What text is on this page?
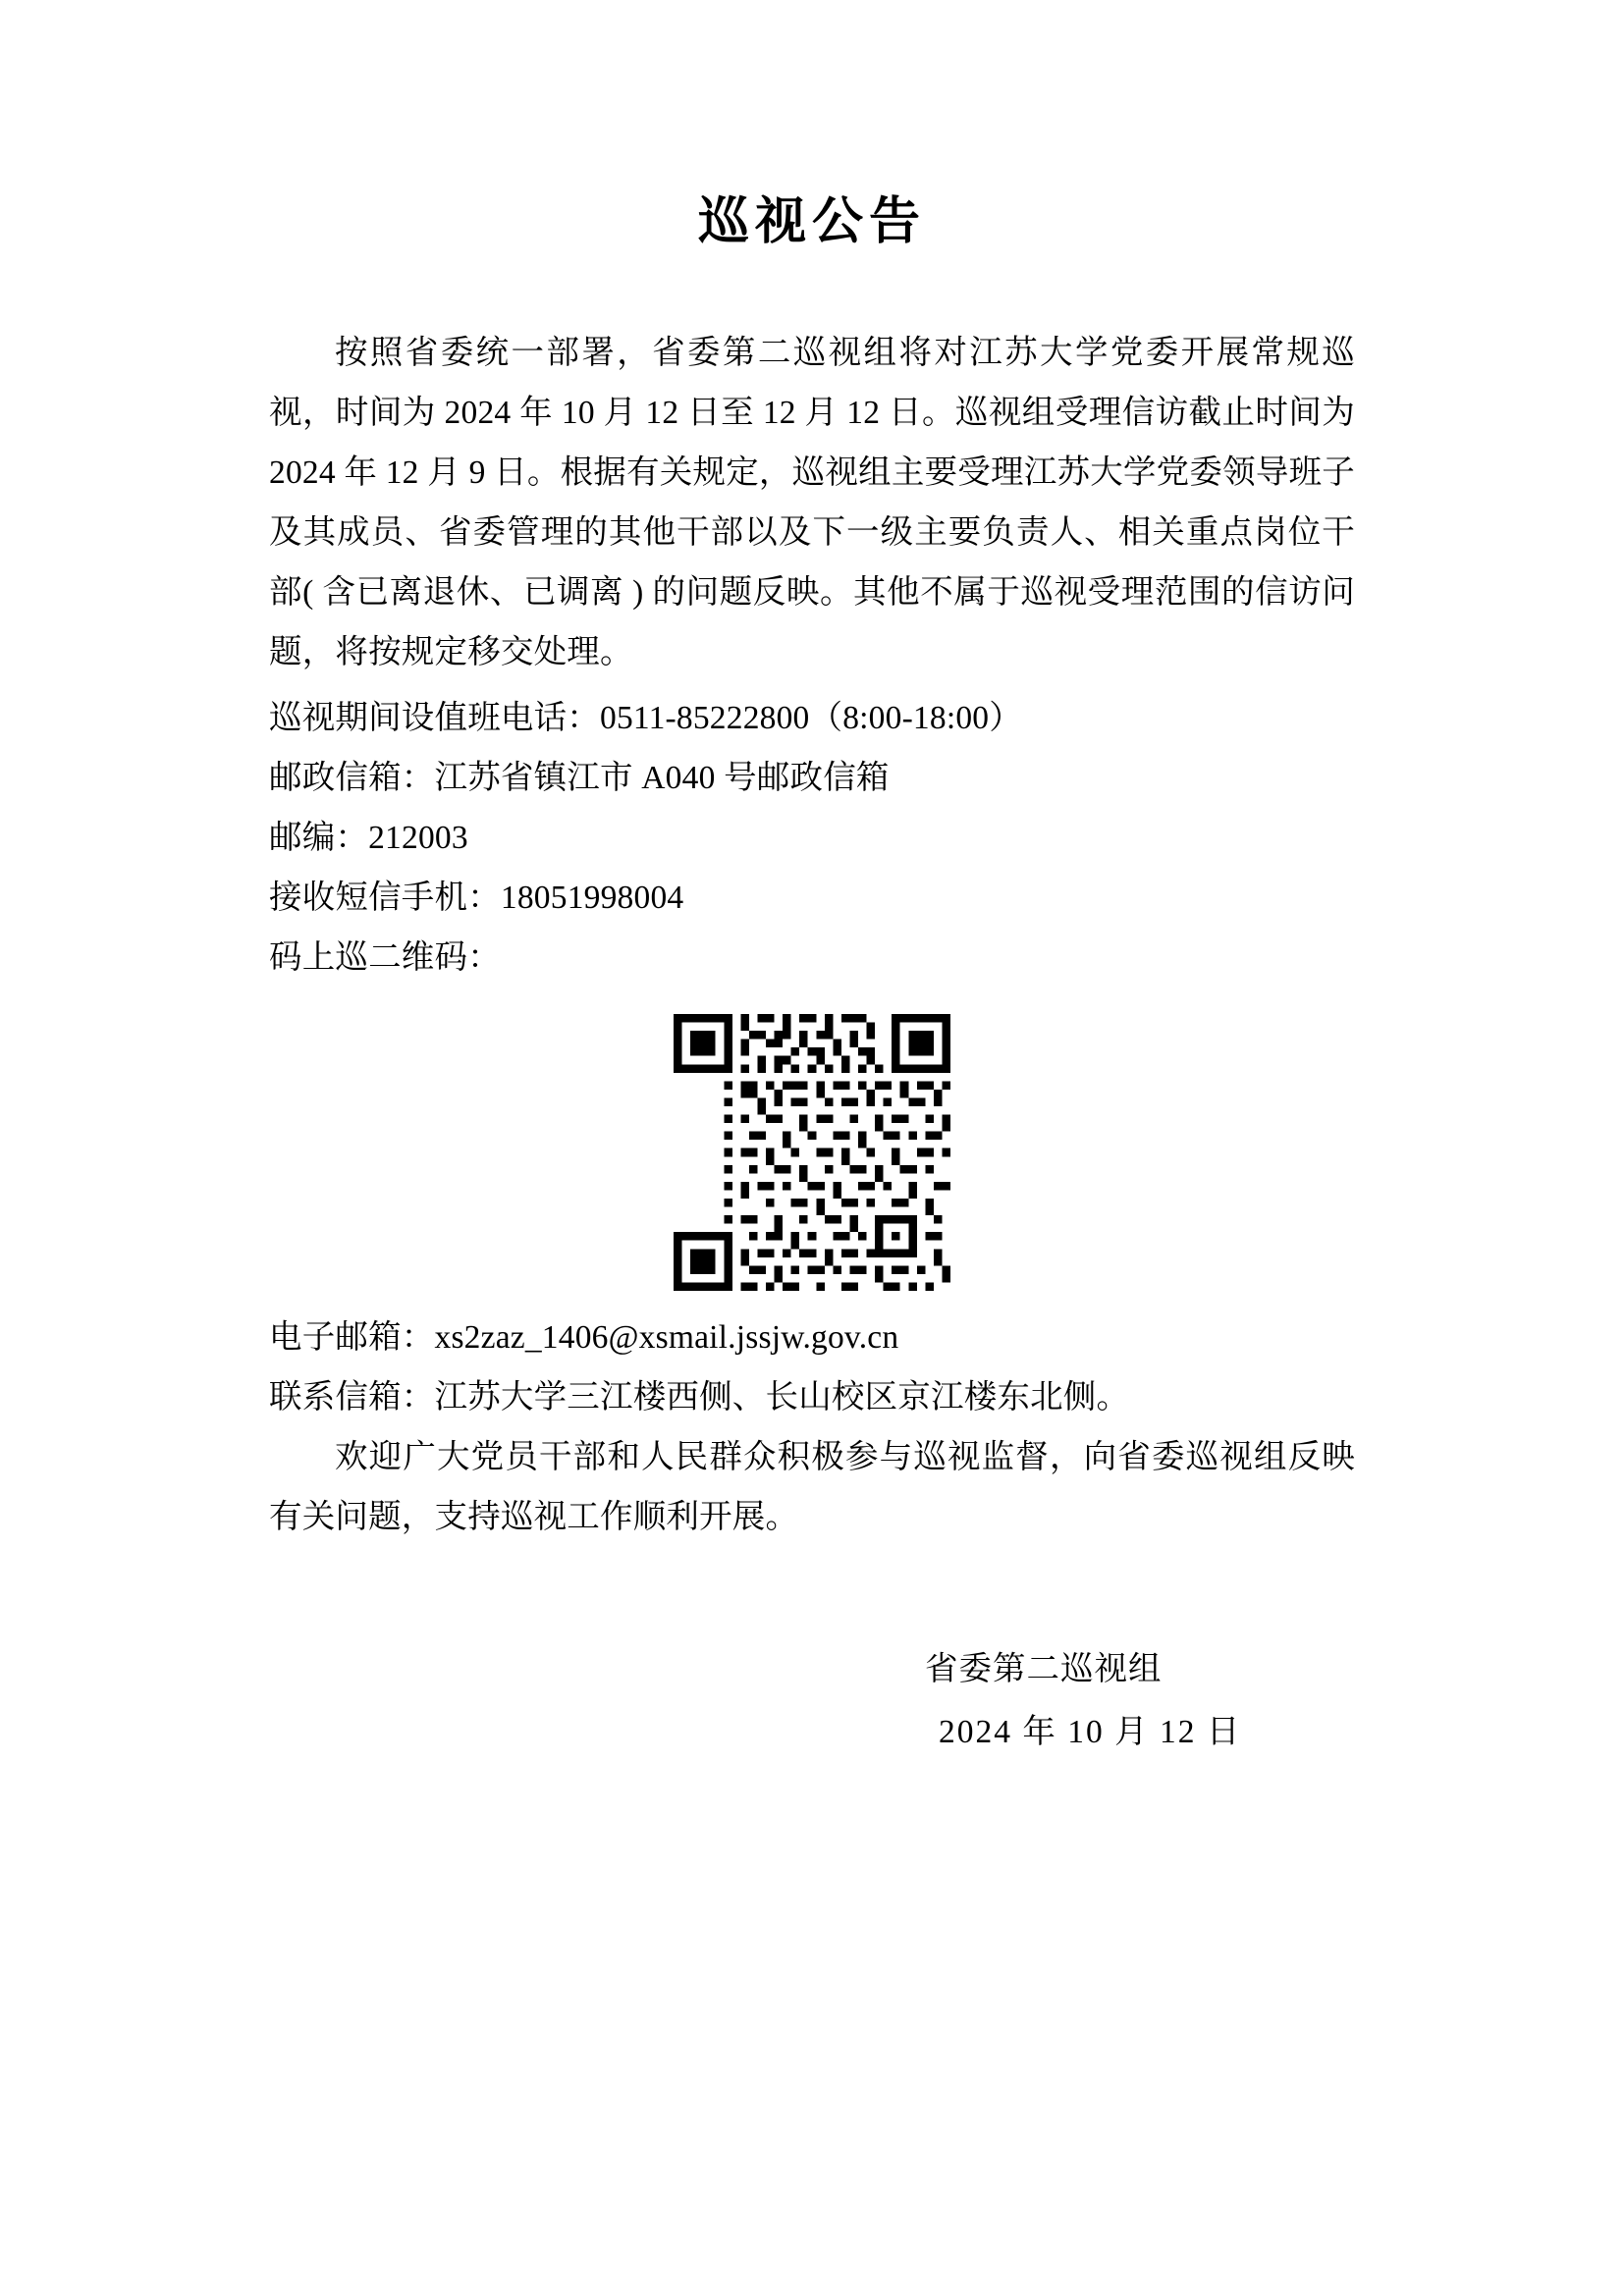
巡视公告

按照省委统一部署，省委第二巡视组将对江苏大学党委开展常规巡视，时间为 2024 年 10 月 12 日至 12 月 12 日。巡视组受理信访截止时间为 2024 年 12 月 9 日。根据有关规定，巡视组主要受理江苏大学党委领导班子及其成员、省委管理的其他干部以及下一级主要负责人、相关重点岗位干部( 含已离退休、已调离 ) 的问题反映。其他不属于巡视受理范围的信访问题，将按规定移交处理。

巡视期间设值班电话：0511-85222800（8:00-18:00）

邮政信箱：江苏省镇江市 A040 号邮政信箱

邮编：212003

接收短信手机：18051998004

码上巡二维码：

电子邮箱：xs2zaz_1406@xsmail.jssjw.gov.cn

联系信箱：江苏大学三江楼西侧、长山校区京江楼东北侧。

欢迎广大党员干部和人民群众积极参与巡视监督，向省委巡视组反映有关问题，支持巡视工作顺利开展。

省委第二巡视组
2024 年 10 月 12 日
